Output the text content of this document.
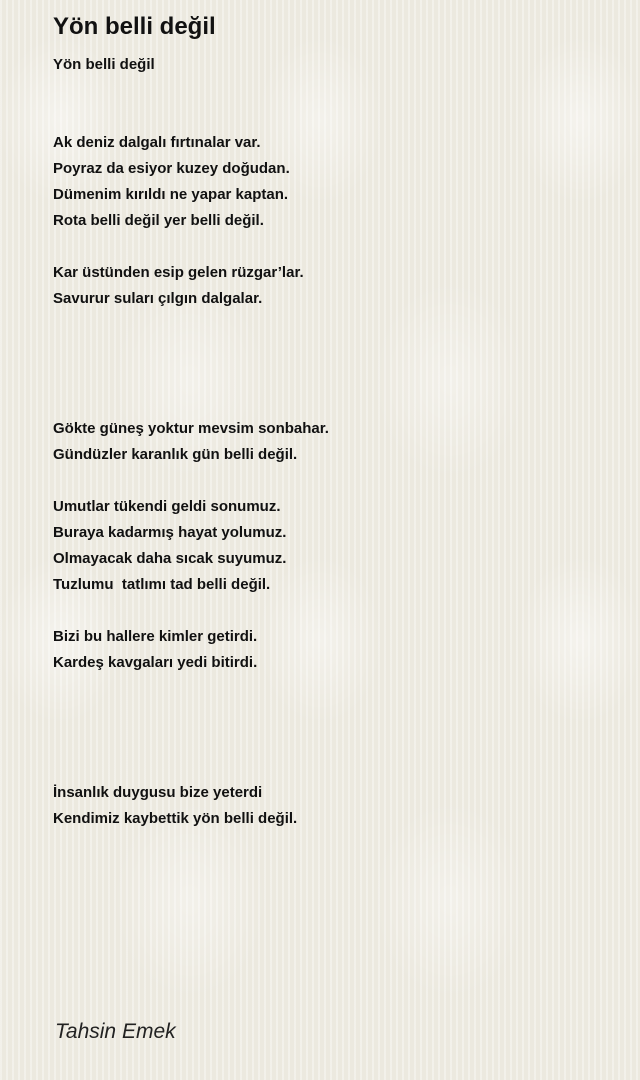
Yön belli değil
Yön belli değil
Ak deniz dalgalı fırtınalar var.
Poyraz da esiyor kuzey doğudan.
Dümenim kırıldı ne yapar kaptan.
Rota belli değil yer belli değil.
Kar üstünden esip gelen rüzgar’lar.
Savurur suları çılgın dalgalar.
Gökte güneş yoktur mevsim sonbahar.
Gündüzler karanlık gün belli değil.
Umutlar tükendi geldi sonumuz.
Buraya kadarmış hayat yolumuz.
Olmayacak daha sıcak suyumuz.
Tuzlumu  tatlımı tad belli değil.
Bizi bu hallere kimler getirdi.
Kardeş kavgaları yedi bitirdi.
İnsanlık duygusu bize yeterdi
Kendimiz kaybettik yön belli değil.
Tahsin Emek
